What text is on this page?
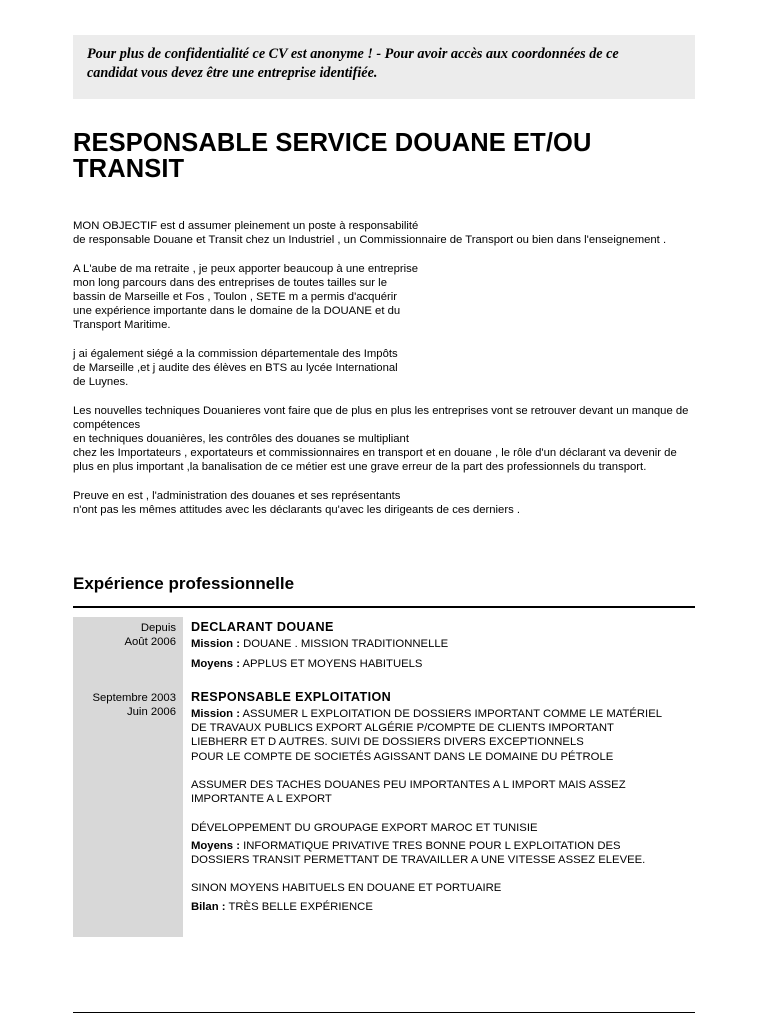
Pour plus de confidentialité ce CV est anonyme ! - Pour avoir accès aux coordonnées de ce
candidat vous devez être une entreprise identifiée.

RESPONSABLE SERVICE DOUANE ET/OU
TRANSIT

MON OBJECTIF est d assumer pleinement un poste à responsabilité
de responsable Douane et Transit chez un Industriel , un Commissionnaire de Transport ou bien dans l'enseignement .

A L'aube de ma retraite , je peux apporter beaucoup à une entreprise
mon long parcours dans des entreprises de toutes tailles sur le
bassin de Marseille et Fos , Toulon , SETE m a permis d'acquérir
une expérience importante dans le domaine de la DOUANE et du
Transport Maritime.

j ai également siégé a la commission départementale des Impôts
de Marseille ,et j audite des élèves en BTS au lycée International
de Luynes.

Les nouvelles techniques Douanieres vont faire que de plus en plus les entreprises vont se retrouver devant un manque de compétences
en techniques douanières, les contrôles des douanes se multipliant
chez les Importateurs , exportateurs et commissionnaires en transport et en douane , le rôle d'un déclarant va devenir de plus en plus important ,la banalisation de ce métier est une grave erreur de la part des professionnels du transport.

Preuve en est , l'administration des douanes et ses représentants
n'ont pas les mêmes attitudes avec les déclarants qu'avec les dirigeants de ces derniers .

Expérience professionnelle
Depuis
Août 2006
DECLARANT DOUANE
Mission : DOUANE . MISSION TRADITIONNELLE
Moyens : APPLUS ET MOYENS HABITUELS
Septembre 2003
Juin 2006
RESPONSABLE EXPLOITATION
Mission : ASSUMER L EXPLOITATION DE DOSSIERS IMPORTANT COMME LE MATÉRIEL
DE TRAVAUX PUBLICS EXPORT ALGÉRIE P/COMPTE DE CLIENTS IMPORTANT
LIEBHERR ET D AUTRES. SUIVI DE DOSSIERS DIVERS EXCEPTIONNELS
POUR LE COMPTE DE SOCIETÉS AGISSANT DANS LE DOMAINE DU PÉTROLE
ASSUMER DES TACHES DOUANES PEU IMPORTANTES A L IMPORT MAIS ASSEZ
IMPORTANTE A L EXPORT
DÉVELOPPEMENT DU GROUPAGE EXPORT MAROC ET TUNISIE
Moyens : INFORMATIQUE PRIVATIVE TRES BONNE POUR L EXPLOITATION DES
DOSSIERS TRANSIT PERMETTANT DE TRAVAILLER A UNE VITESSE ASSEZ ELEVEE.
SINON MOYENS HABITUELS EN DOUANE ET PORTUAIRE
Bilan : TRÈS BELLE EXPÉRIENCE
